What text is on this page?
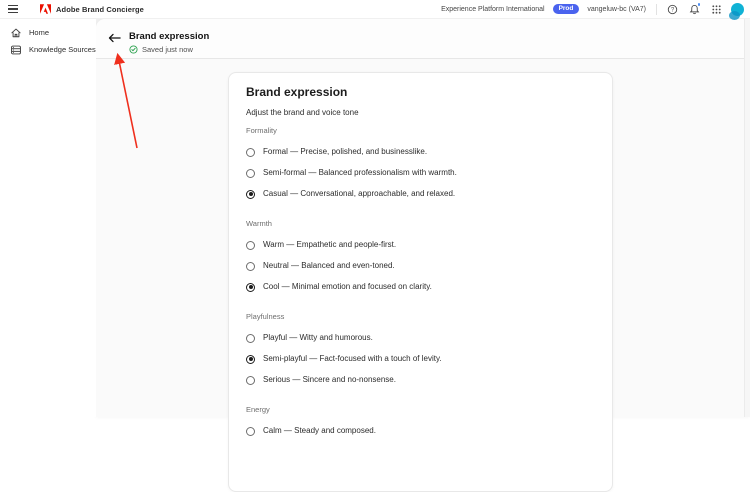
Adobe Brand Concierge	Experience Platform International	Prod	vangeluw-bc (VA7)	?
Home
Knowledge Sources
Brand expression
Saved just now
Brand expression

Adjust the brand and voice tone

Formality
Formal — Precise, polished, and businesslike.
Semi-formal — Balanced professionalism with warmth.
Casual — Conversational, approachable, and relaxed.
Warmth
Warm — Empathetic and people-first.
Neutral — Balanced and even-toned.
Cool — Minimal emotion and focused on clarity.
Playfulness
Playful — Witty and humorous.
Semi-playful — Fact-focused with a touch of levity.
Serious — Sincere and no-nonsense.
Energy
Calm — Steady and composed.
